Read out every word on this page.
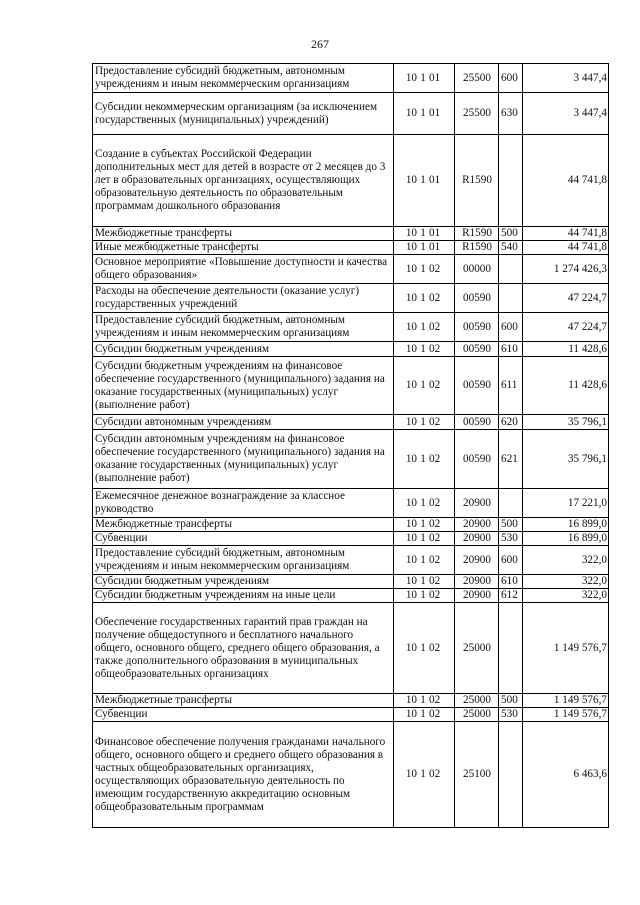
267
Предоставление субсидий бюджетным, автономным учреждениям и иным некоммерческим организациям	10 1 01	25500	600	3 447,4
Субсидии некоммерческим организациям (за исключением государственных (муниципальных) учреждений)	10 1 01	25500	630	3 447,4
Создание в субъектах Российской Федерации дополнительных мест для детей в возрасте от 2 месяцев до 3 лет в образовательных организациях, осуществляющих образовательную деятельность по образовательным программам дошкольного образования	10 1 01	R1590		44 741,8
Межбюджетные трансферты	10 1 01	R1590	500	44 741,8
Иные межбюджетные трансферты	10 1 01	R1590	540	44 741,8
Основное мероприятие «Повышение доступности и качества общего образования»	10 1 02	00000		1 274 426,3
Расходы на обеспечение деятельности (оказание услуг) государственных учреждений	10 1 02	00590		47 224,7
Предоставление субсидий бюджетным, автономным учреждениям и иным некоммерческим организациям	10 1 02	00590	600	47 224,7
Субсидии бюджетным учреждениям	10 1 02	00590	610	11 428,6
Субсидии бюджетным учреждениям на финансовое обеспечение государственного (муниципального) задания на оказание государственных (муниципальных) услуг (выполнение работ)	10 1 02	00590	611	11 428,6
Субсидии автономным учреждениям	10 1 02	00590	620	35 796,1
Субсидии автономным учреждениям на финансовое обеспечение государственного (муниципального) задания на оказание государственных (муниципальных) услуг (выполнение работ)	10 1 02	00590	621	35 796,1
Ежемесячное денежное вознаграждение за классное руководство	10 1 02	20900		17 221,0
Межбюджетные трансферты	10 1 02	20900	500	16 899,0
Субвенции	10 1 02	20900	530	16 899,0
Предоставление субсидий бюджетным, автономным учреждениям и иным некоммерческим организациям	10 1 02	20900	600	322,0
Субсидии бюджетным учреждениям	10 1 02	20900	610	322,0
Субсидии бюджетным учреждениям на иные цели	10 1 02	20900	612	322,0
Обеспечение государственных гарантий прав граждан на получение общедоступного и бесплатного начального общего, основного общего, среднего общего образования, а также дополнительного образования в муниципальных общеобразовательных организациях	10 1 02	25000		1 149 576,7
Межбюджетные трансферты	10 1 02	25000	500	1 149 576,7
Субвенции	10 1 02	25000	530	1 149 576,7
Финансовое обеспечение получения гражданами начального общего, основного общего и среднего общего образования в частных общеобразовательных организациях, осуществляющих образовательную деятельность по имеющим государственную аккредитацию основным общеобразовательным программам	10 1 02	25100		6 463,6
